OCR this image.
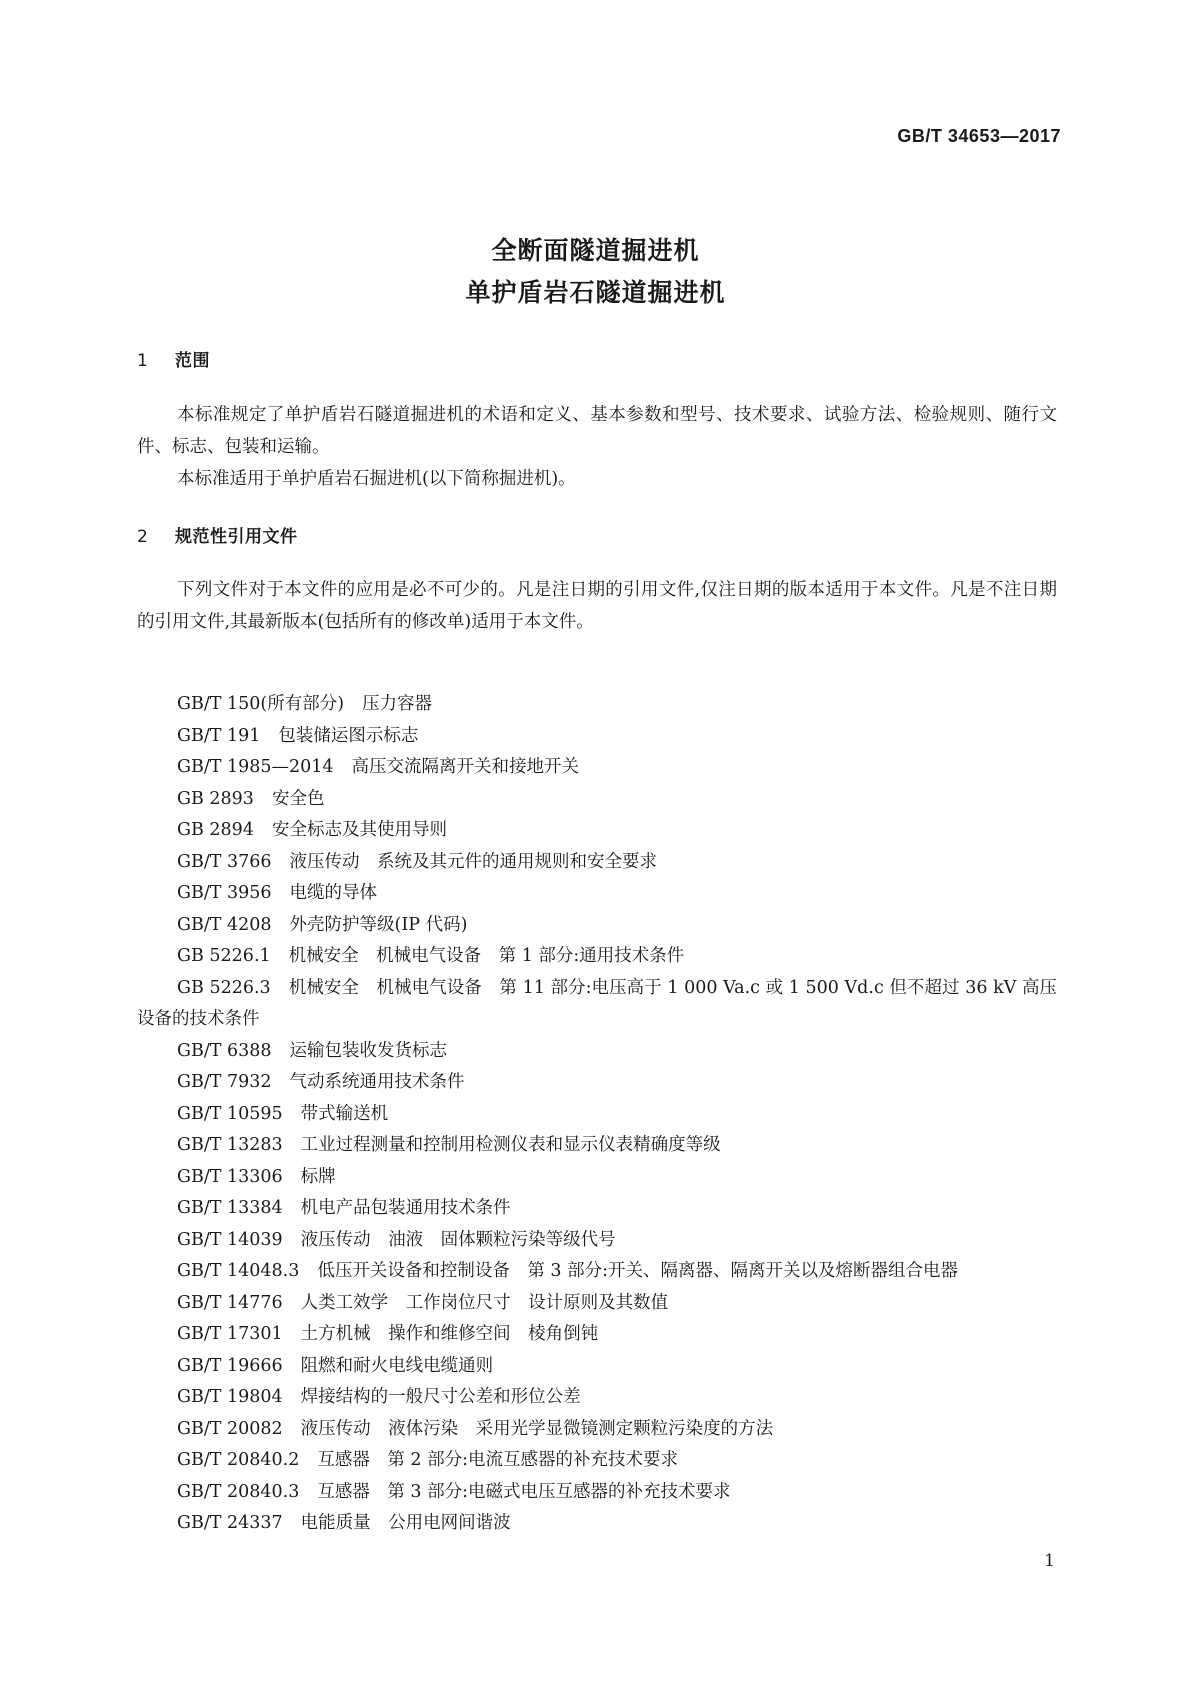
GB/T 34653—2017
全断面隧道掘进机
单护盾岩石隧道掘进机
1 范围

本标准规定了单护盾岩石隧道掘进机的术语和定义、基本参数和型号、技术要求、试验方法、检验规则、随行文件、标志、包装和运输。

本标准适用于单护盾岩石掘进机(以下简称掘进机)。

2 规范性引用文件

下列文件对于本文件的应用是必不可少的。凡是注日期的引用文件,仅注日期的版本适用于本文件。凡是不注日期的引用文件,其最新版本(包括所有的修改单)适用于本文件。

GB/T 150(所有部分) 压力容器
GB/T 191 包装储运图示标志
GB/T 1985—2014 高压交流隔离开关和接地开关
GB 2893 安全色
GB 2894 安全标志及其使用导则
GB/T 3766 液压传动　系统及其元件的通用规则和安全要求
GB/T 3956 电缆的导体
GB/T 4208 外壳防护等级(IP 代码)
GB 5226.1 机械安全　机械电气设备　第 1 部分:通用技术条件
GB 5226.3 机械安全　机械电气设备　第 11 部分:电压高于 1 000 Va.c 或 1 500 Vd.c 但不超过 36 kV 高压设备的技术条件
GB/T 6388 运输包装收发货标志
GB/T 7932 气动系统通用技术条件
GB/T 10595 带式输送机
GB/T 13283 工业过程测量和控制用检测仪表和显示仪表精确度等级
GB/T 13306 标牌
GB/T 13384 机电产品包装通用技术条件
GB/T 14039 液压传动　油液　固体颗粒污染等级代号
GB/T 14048.3 低压开关设备和控制设备　第 3 部分:开关、隔离器、隔离开关以及熔断器组合电器
GB/T 14776 人类工效学　工作岗位尺寸　设计原则及其数值
GB/T 17301 土方机械　操作和维修空间　棱角倒钝
GB/T 19666 阻燃和耐火电线电缆通则
GB/T 19804 焊接结构的一般尺寸公差和形位公差
GB/T 20082 液压传动　液体污染　采用光学显微镜测定颗粒污染度的方法
GB/T 20840.2 互感器　第 2 部分:电流互感器的补充技术要求
GB/T 20840.3 互感器　第 3 部分:电磁式电压互感器的补充技术要求
GB/T 24337 电能质量　公用电网间谐波
1
